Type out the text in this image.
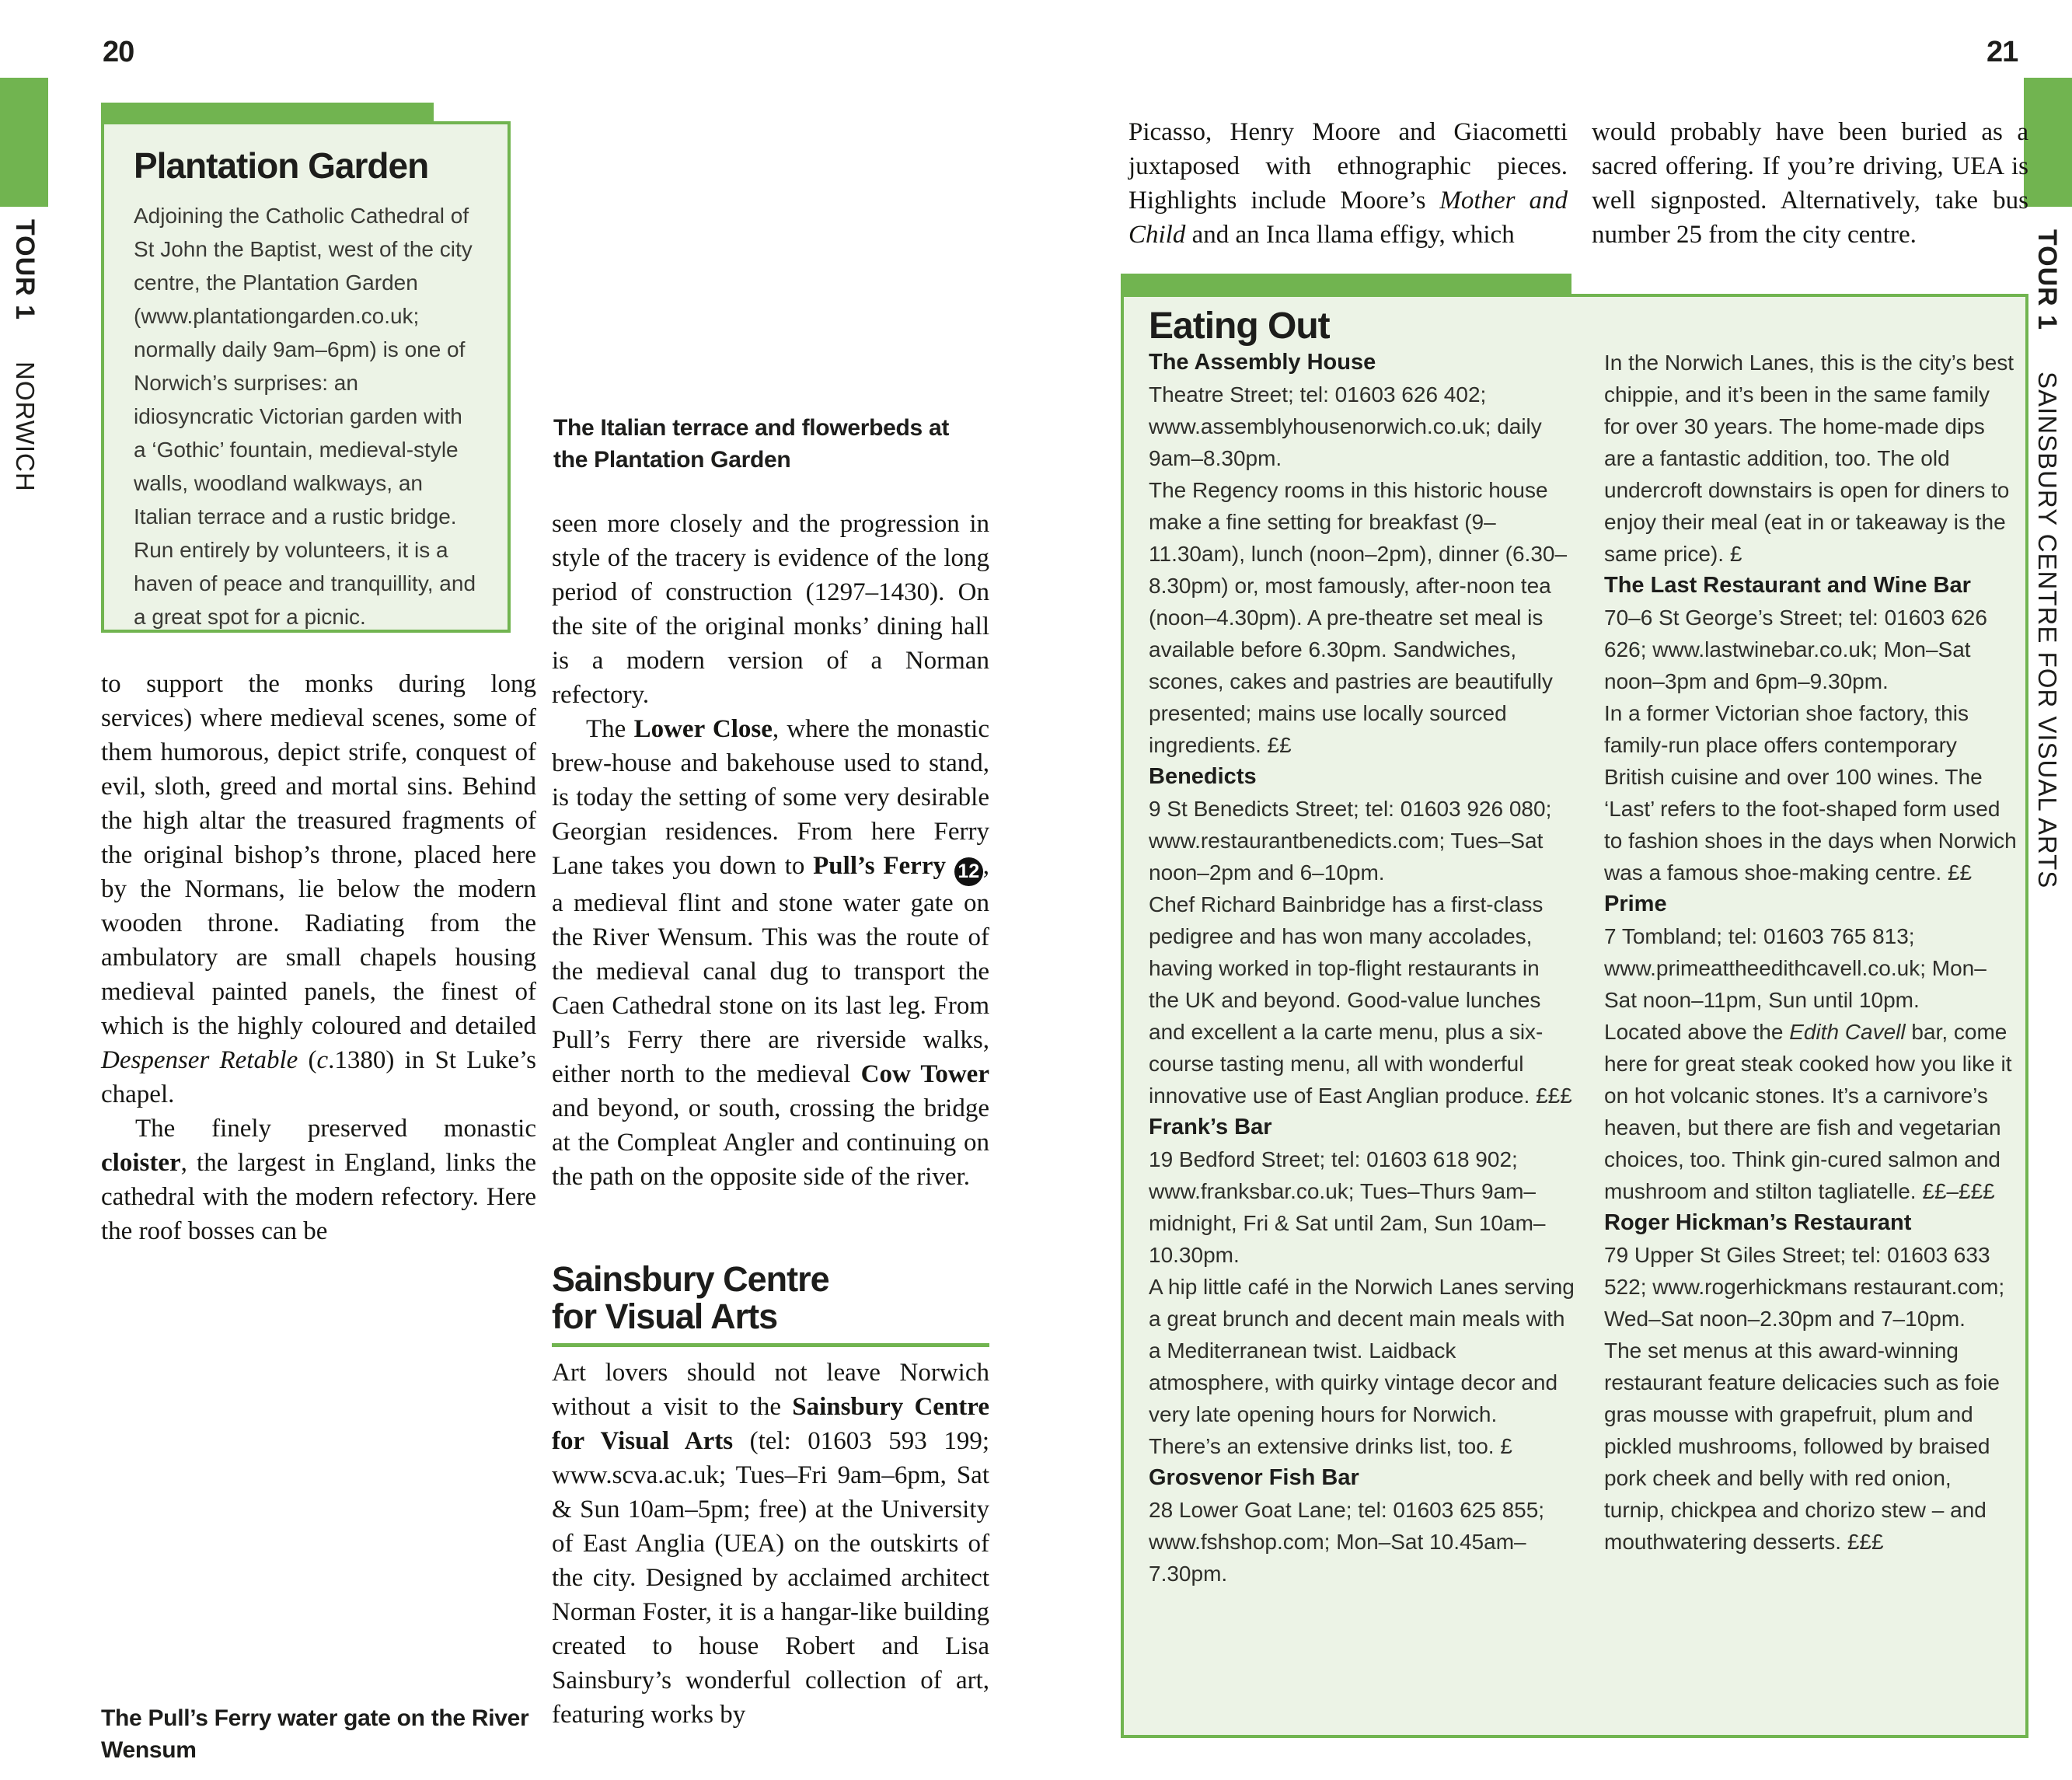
TOUR 1 NORWICH
TOUR 1 SAINSBURY CENTRE FOR VISUAL ARTS
20	21
Plantation Garden
Adjoining the Catholic Cathedral of St John the Baptist, west of the city centre, the Plantation Garden (www.plantationgarden.co.uk; normally daily 9am–6pm) is one of Norwich’s surprises: an idiosyncratic Victorian garden with a ‘Gothic’ fountain, medieval-style walls, woodland walkways, an Italian terrace and a rustic bridge. Run entirely by volunteers, it is a haven of peace and tranquillity, and a great spot for a picnic.
The Italian terrace and flowerbeds at the Plantation Garden
to support the monks during long services) where medieval scenes, some of them humorous, depict strife, conquest of evil, sloth, greed and mortal sins. Behind the high altar the treasured fragments of the original bishop’s throne, placed here by the Normans, lie below the modern wooden throne. Radiating from the ambulatory are small chapels housing medieval painted panels, the finest of which is the highly coloured and detailed Despenser Retable (c.1380) in St Luke’s chapel.
The finely preserved monastic cloister, the largest in England, links the cathedral with the modern refectory. Here the roof bosses can be
The Pull’s Ferry water gate on the River Wensum
seen more closely and the progression in style of the tracery is evidence of the long period of construction (1297–1430). On the site of the original monks’ dining hall is a modern version of a Norman refectory.
The Lower Close, where the monastic brew-house and bakehouse used to stand, is today the setting of some very desirable Georgian residences. From here Ferry Lane takes you down to Pull’s Ferry 12 , a medieval flint and stone water gate on the River Wensum. This was the route of the medieval canal dug to transport the Caen Cathedral stone on its last leg. From Pull’s Ferry there are riverside walks, either north to the medieval Cow Tower and beyond, or south, crossing the bridge at the Compleat Angler and continuing on the path on the opposite side of the river.
Sainsbury Centre
for Visual Arts
Art lovers should not leave Norwich without a visit to the Sainsbury Centre for Visual Arts (tel: 01603 593 199; www.scva.ac.uk; Tues–Fri 9am–6pm, Sat & Sun 10am–5pm; free) at the University of East Anglia (UEA) on the outskirts of the city. Designed by acclaimed architect Norman Foster, it is a hangar-like building created to house Robert and Lisa Sainsbury’s wonderful collection of art, featuring works by
Picasso, Henry Moore and Giacometti juxtaposed with ethnographic pieces. Highlights include Moore’s Mother and Child and an Inca llama effigy, which
would probably have been buried as a sacred offering. If you’re driving, UEA is well signposted. Alternatively, take bus number 25 from the city centre.
Eating Out
The Assembly House
Theatre Street; tel: 01603 626 402; www.assemblyhousenorwich.co.uk; daily 9am–8.30pm.
The Regency rooms in this historic house make a fine setting for breakfast (9–11.30am), lunch (noon–2pm), dinner (6.30–8.30pm) or, most famously, after-noon tea (noon–4.30pm). A pre-theatre set meal is available before 6.30pm. Sandwiches, scones, cakes and pastries are beautifully presented; mains use locally sourced ingredients. ££
Benedicts
9 St Benedicts Street; tel: 01603 926 080; www.restaurantbenedicts.com; Tues–Sat noon–2pm and 6–10pm.
Chef Richard Bainbridge has a first-class pedigree and has won many accolades, having worked in top-flight restaurants in the UK and beyond. Good-value lunches and excellent a la carte menu, plus a six-course tasting menu, all with wonderful innovative use of East Anglian produce. £££
Frank’s Bar
19 Bedford Street; tel: 01603 618 902; www.franksbar.co.uk; Tues–Thurs 9am–midnight, Fri & Sat until 2am, Sun 10am–10.30pm.
A hip little café in the Norwich Lanes serving a great brunch and decent main meals with a Mediterranean twist. Laidback atmosphere, with quirky vintage decor and very late opening hours for Norwich. There’s an extensive drinks list, too. £
Grosvenor Fish Bar
28 Lower Goat Lane; tel: 01603 625 855; www.fshshop.com; Mon–Sat 10.45am–7.30pm.
In the Norwich Lanes, this is the city’s best chippie, and it’s been in the same family for over 30 years. The home-made dips are a fantastic addition, too. The old undercroft downstairs is open for diners to enjoy their meal (eat in or takeaway is the same price). £
The Last Restaurant and Wine Bar
70–6 St George’s Street; tel: 01603 626 626; www.lastwinebar.co.uk; Mon–Sat noon–3pm and 6pm–9.30pm.
In a former Victorian shoe factory, this family-run place offers contemporary British cuisine and over 100 wines. The ‘Last’ refers to the foot-shaped form used to fashion shoes in the days when Norwich was a famous shoe-making centre. ££
Prime
7 Tombland; tel: 01603 765 813; www.primeattheedithcavell.co.uk; Mon–Sat noon–11pm, Sun until 10pm.
Located above the Edith Cavell bar, come here for great steak cooked how you like it on hot volcanic stones. It’s a carnivore’s heaven, but there are fish and vegetarian choices, too. Think gin-cured salmon and mushroom and stilton tagliatelle. ££–£££
Roger Hickman’s Restaurant
79 Upper St Giles Street; tel: 01603 633 522; www.rogerhickmans restaurant.com; Wed–Sat noon–2.30pm and 7–10pm.
The set menus at this award-winning restaurant feature delicacies such as foie gras mousse with grapefruit, plum and pickled mushrooms, followed by braised pork cheek and belly with red onion, turnip, chickpea and chorizo stew – and mouthwatering desserts. £££
